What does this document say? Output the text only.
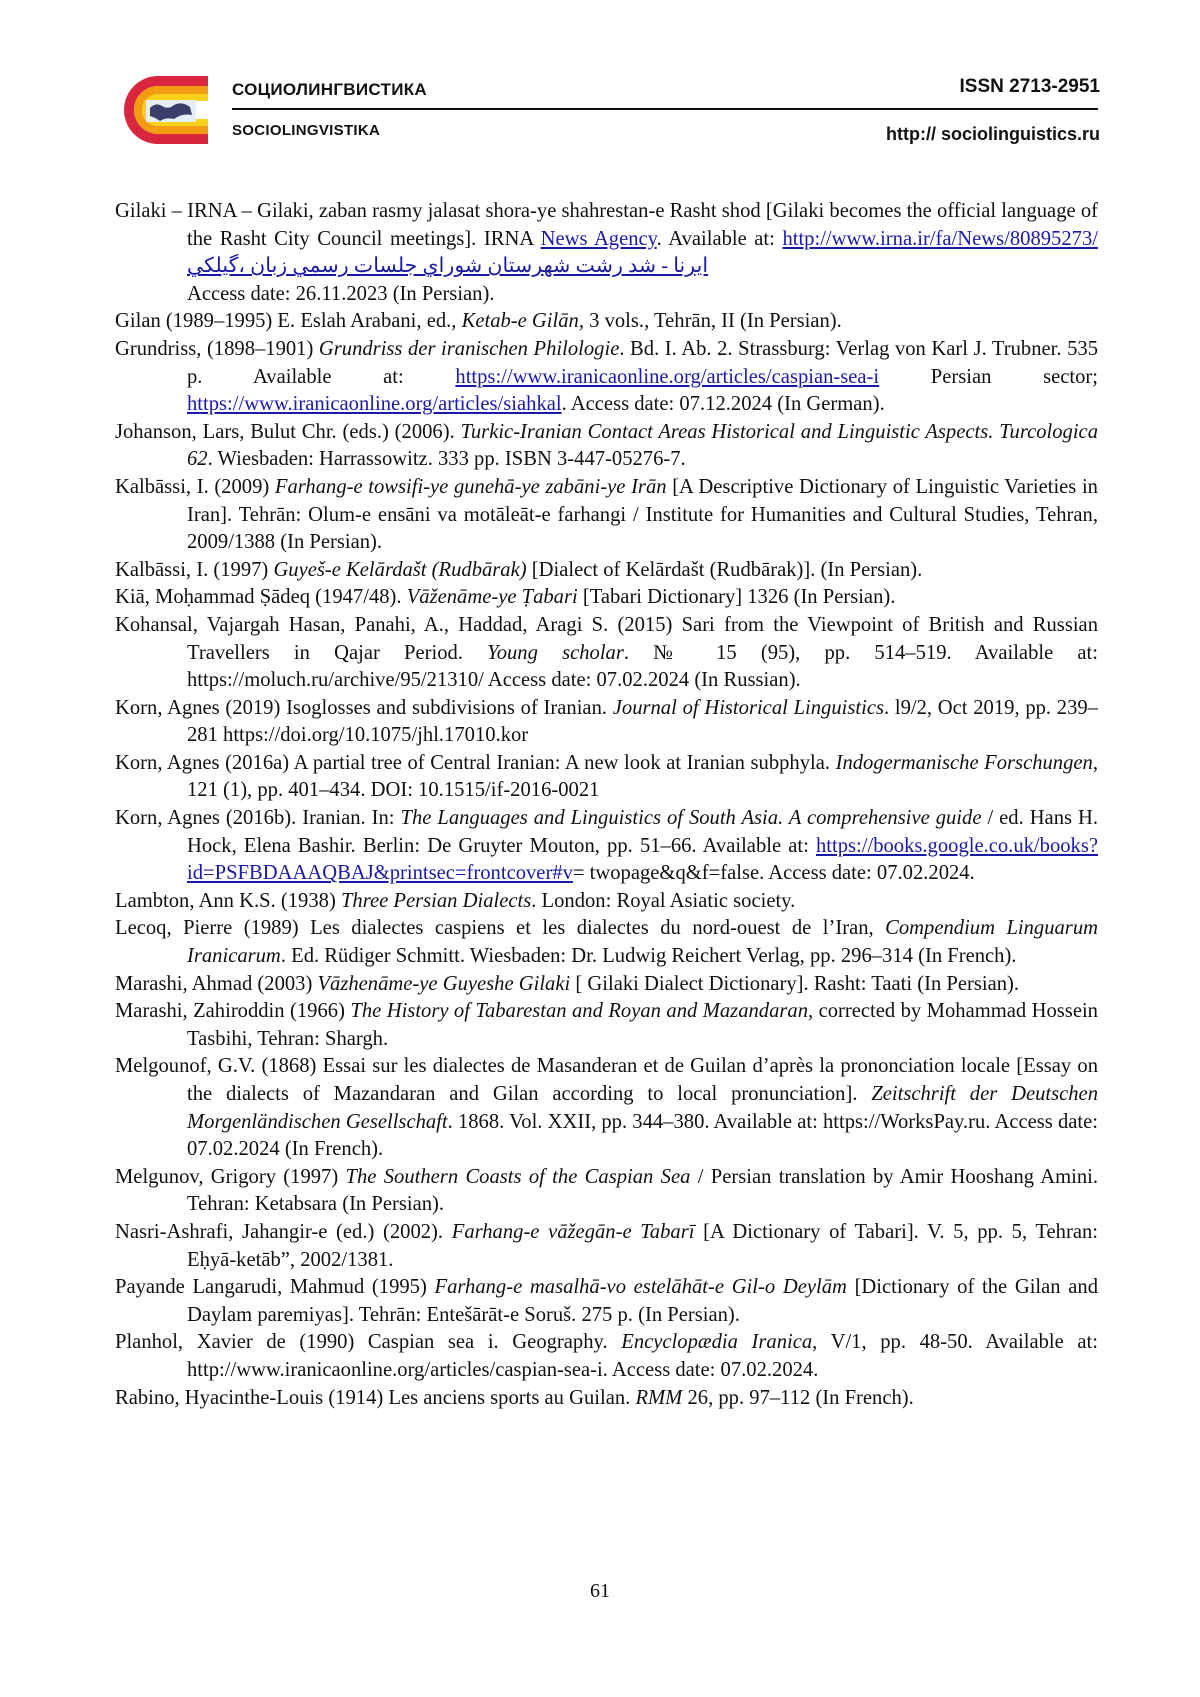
СОЦИОЛИНГВИСТИКА
SOCIOLINGVISTIKA
ISSN 2713-2951
http:// sociolinguistics.ru

Gilaki – IRNA – Gilaki, zaban rasmy jalasat shora-ye shahrestan-e Rasht shod [Gilaki becomes the official language of the Rasht City Council meetings]. IRNA News Agency. Available at: http://www.irna.ir/fa/News/80895273/ ایرنا - شد رشت شهرستان شوراي جلسات رسمي زبان ،گیلکي
Access date: 26.11.2023 (In Persian).

Gilan (1989–1995) E. Eslah Arabani, ed., Ketab-e Gilān, 3 vols., Tehrān, II (In Persian).

Grundriss, (1898–1901) Grundriss der iranischen Philologie. Bd. I. Ab. 2. Strassburg: Verlag von Karl J. Trubner. 535 p. Available at: https://www.iranicaonline.org/articles/caspian-sea-i Persian sector; https://www.iranicaonline.org/articles/siahkal. Access date: 07.12.2024 (In German).

Johanson, Lars, Bulut Chr. (eds.) (2006). Turkic-Iranian Contact Areas Historical and Linguistic Aspects. Turcologica 62. Wiesbaden: Harrassowitz. 333 pp. ISBN 3-447-05276-7.

Kalbāssi, I. (2009) Farhang-e towsifi-ye gunehā-ye zabāni-ye Irān [A Descriptive Dictionary of Linguistic Varieties in Iran]. Tehrān: Olum-e ensāni va motāleāt-e farhangi / Institute for Humanities and Cultural Studies, Tehran, 2009/1388 (In Persian).

Kalbāssi, I. (1997) Guyeš-e Kelārdašt (Rudbārak) [Dialect of Kelārdašt (Rudbārak)]. (In Persian).

Kiā, Moḥammad Ṣādeq (1947/48). Vāženāme-ye Ṭabari [Tabari Dictionary] 1326 (In Persian).

Kohansal, Vajargah Hasan, Panahi, A., Haddad, Aragi S. (2015) Sari from the Viewpoint of British and Russian Travellers in Qajar Period. Young scholar. № 15 (95), pp. 514–519. Available at: https://moluch.ru/archive/95/21310/ Access date: 07.02.2024 (In Russian).

Korn, Agnes (2019) Isoglosses and subdivisions of Iranian. Journal of Historical Linguistics. l9/2, Oct 2019, pp. 239–281 https://doi.org/10.1075/jhl.17010.kor

Korn, Agnes (2016a) A partial tree of Central Iranian: A new look at Iranian subphyla. Indogermanische Forschungen, 121 (1), pp. 401–434. DOI: 10.1515/if-2016-0021

Korn, Agnes (2016b). Iranian. In: The Languages and Linguistics of South Asia. A comprehensive guide / ed. Hans H. Hock, Elena Bashir. Berlin: De Gruyter Mouton, pp. 51–66. Available at: https://books.google.co.uk/books?id=PSFBDAAAQBAJ&printsec=frontcover#v= twopage&q&f=false. Access date: 07.02.2024.

Lambton, Ann K.S. (1938) Three Persian Dialects. London: Royal Asiatic society.

Lecoq, Pierre (1989) Les dialectes caspiens et les dialectes du nord-ouest de l’Iran, Compendium Linguarum Iranicarum. Ed. Rüdiger Schmitt. Wiesbaden: Dr. Ludwig Reichert Verlag, pp. 296–314 (In French).

Marashi, Ahmad (2003) Vāzhenāme-ye Guyeshe Gilaki [ Gilaki Dialect Dictionary]. Rasht: Taati (In Persian).

Marashi, Zahiroddin (1966) The History of Tabarestan and Royan and Mazandaran, corrected by Mohammad Hossein Tasbihi, Tehran: Shargh.

Melgounof, G.V. (1868) Essai sur les dialectes de Masanderan et de Guilan d’après la prononciation locale [Essay on the dialects of Mazandaran and Gilan according to local pronunciation]. Zeitschrift der Deutschen Morgenländischen Gesellschaft. 1868. Vol. XXII, pp. 344–380. Available at: https://WorksPay.ru. Access date: 07.02.2024 (In French).

Melgunov, Grigory (1997) The Southern Coasts of the Caspian Sea / Persian translation by Amir Hooshang Amini. Tehran: Ketabsara (In Persian).

Nasri-Ashrafi, Jahangir-e (ed.) (2002). Farhang-e vāžegān-e Tabarī [A Dictionary of Tabari]. V. 5, pp. 5, Tehran: Eḥyā-ketāb”, 2002/1381.

Payande Langarudi, Mahmud (1995) Farhang-e masalhā-vo estelāhāt-e Gil-o Deylām [Dictionary of the Gilan and Daylam paremiyas]. Tehrān: Entešārāt-e Soruš. 275 p. (In Persian).

Planhol, Xavier de (1990) Caspian sea i. Geography. Encyclopædia Iranica, V/1, pp. 48-50. Available at: http://www.iranicaonline.org/articles/caspian-sea-i. Access date: 07.02.2024.

Rabino, Hyacinthe-Louis (1914) Les anciens sports au Guilan. RMM 26, pp. 97–112 (In French).

61
